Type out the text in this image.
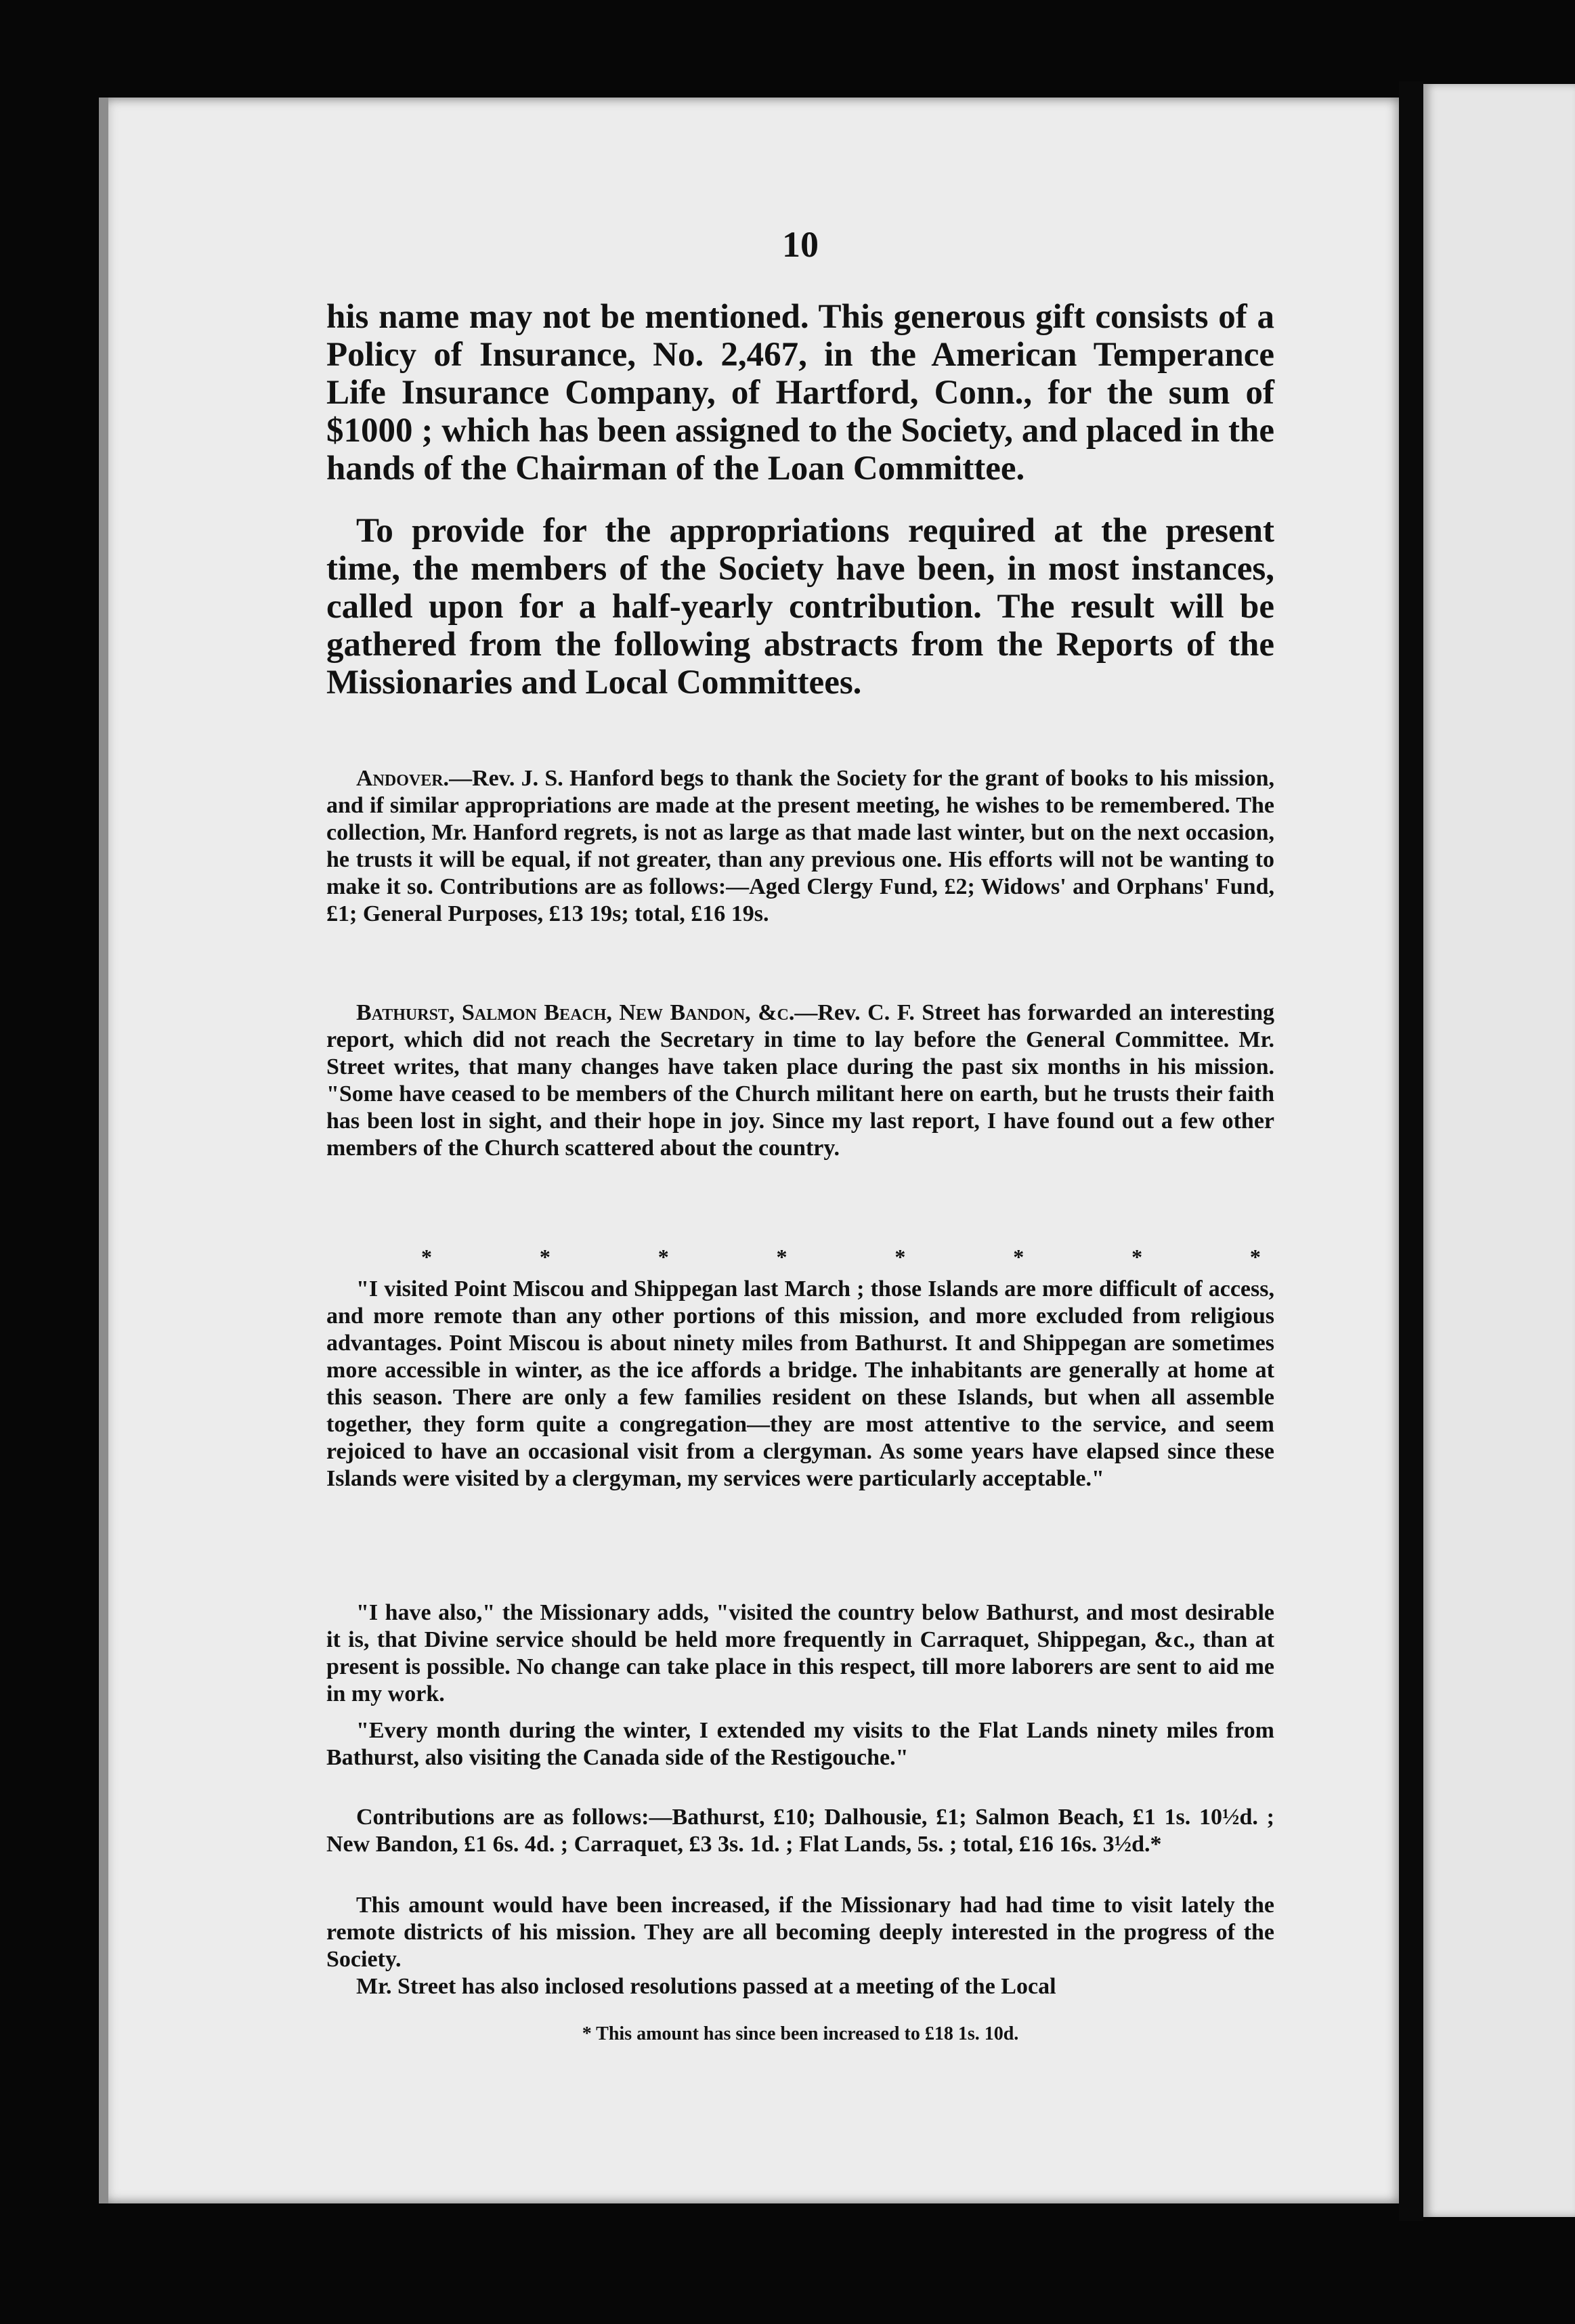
10
his name may not be mentioned. This generous gift consists of a Policy of Insurance, No. 2,467, in the American Temperance Life Insurance Company, of Hartford, Conn., for the sum of $1000 ; which has been assigned to the Society, and placed in the hands of the Chairman of the Loan Committee.
To provide for the appropriations required at the present time, the members of the Society have been, in most instances, called upon for a half-yearly contribution. The result will be gathered from the following abstracts from the Reports of the Missionaries and Local Committees.
Andover.—Rev. J. S. Hanford begs to thank the Society for the grant of books to his mission, and if similar appropriations are made at the present meeting, he wishes to be remembered. The collection, Mr. Hanford regrets, is not as large as that made last winter, but on the next occasion, he trusts it will be equal, if not greater, than any previous one. His efforts will not be wanting to make it so. Contributions are as follows:—Aged Clergy Fund, £2; Widows' and Orphans' Fund, £1; General Purposes, £13 19s; total, £16 19s.
Bathurst, Salmon Beach, New Bandon, &c.—Rev. C. F. Street has forwarded an interesting report, which did not reach the Secretary in time to lay before the General Committee. Mr. Street writes, that many changes have taken place during the past six months in his mission. "Some have ceased to be members of the Church militant here on earth, but he trusts their faith has been lost in sight, and their hope in joy. Since my last report, I have found out a few other members of the Church scattered about the country.
*	*	*	*	*	*	*	*
"I visited Point Miscou and Shippegan last March ; those Islands are more difficult of access, and more remote than any other portions of this mission, and more excluded from religious advantages. Point Miscou is about ninety miles from Bathurst. It and Shippegan are sometimes more accessible in winter, as the ice affords a bridge. The inhabitants are generally at home at this season. There are only a few families resident on these Islands, but when all assemble together, they form quite a congregation—they are most attentive to the service, and seem rejoiced to have an occasional visit from a clergyman. As some years have elapsed since these Islands were visited by a clergyman, my services were particularly acceptable."
"I have also," the Missionary adds, "visited the country below Bathurst, and most desirable it is, that Divine service should be held more frequently in Carraquet, Shippegan, &c., than at present is possible. No change can take place in this respect, till more laborers are sent to aid me in my work.
"Every month during the winter, I extended my visits to the Flat Lands ninety miles from Bathurst, also visiting the Canada side of the Restigouche."
Contributions are as follows:—Bathurst, £10; Dalhousie, £1; Salmon Beach, £1 1s. 10½d. ; New Bandon, £1 6s. 4d. ; Carraquet, £3 3s. 1d. ; Flat Lands, 5s. ; total, £16 16s. 3½d.*
This amount would have been increased, if the Missionary had had time to visit lately the remote districts of his mission. They are all becoming deeply interested in the progress of the Society.
Mr. Street has also inclosed resolutions passed at a meeting of the Local
* This amount has since been increased to £18 1s. 10d.
